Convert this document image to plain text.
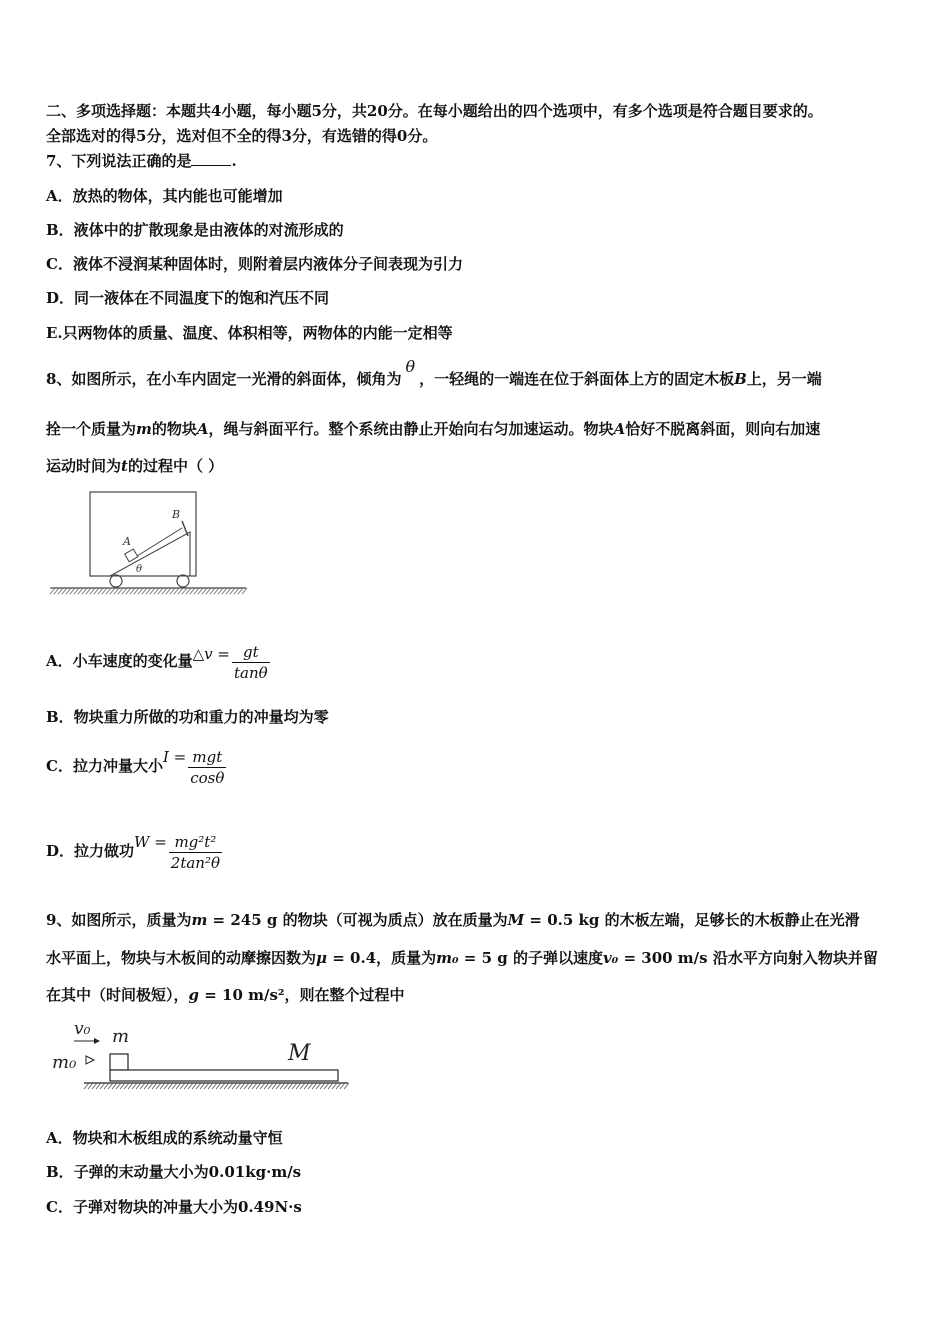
二、多项选择题：本题共4小题，每小题5分，共20分。在每小题给出的四个选项中，有多个选项是符合题目要求的。
全部选对的得5分，选对但不全的得3分，有选错的得0分。
7、下列说法正确的是	.
A．放热的物体，其内能也可能增加
B．液体中的扩散现象是由液体的对流形成的
C．液体不浸润某种固体时，则附着层内液体分子间表现为引力
D．同一液体在不同温度下的饱和汽压不同
E.只两物体的质量、温度、体积相等，两物体的内能一定相等
8、如图所示，在小车内固定一光滑的斜面体，倾角为θ，一轻绳的一端连在位于斜面体上方的固定木板B上，另一端
拴一个质量为m的物块A，绳与斜面平行。整个系统由静止开始向右匀加速运动。物块A恰好不脱离斜面，则向右加速
运动时间为t的过程中（ ）
A
B
θ
A．小车速度的变化量△v = $\frac{gt}{\tan\theta}$
B．物块重力所做的功和重力的冲量均为零
C．拉力冲量大小$I = \frac{\text{mgt}}{\cos\theta}$
D．拉力做功$W = \frac{\text{mg²t²}}{\text{2tan²θ}}$
9、如图所示，质量为m = 245 g 的物块（可视为质点）放在质量为M = 0.5 kg 的木板左端，足够长的木板静止在光滑
水平面上，物块与木板间的动摩擦因数为μ = 0.4，质量为m₀ = 5 g 的子弹以速度v₀ = 300 m/s 沿水平方向射入物块并留
在其中（时间极短），g = 10 m/s²，则在整个过程中
v₀ m
m₀	M
A．物块和木板组成的系统动量守恒
B．子弹的末动量大小为0.01kg·m/s
C．子弹对物块的冲量大小为0.49N·s
